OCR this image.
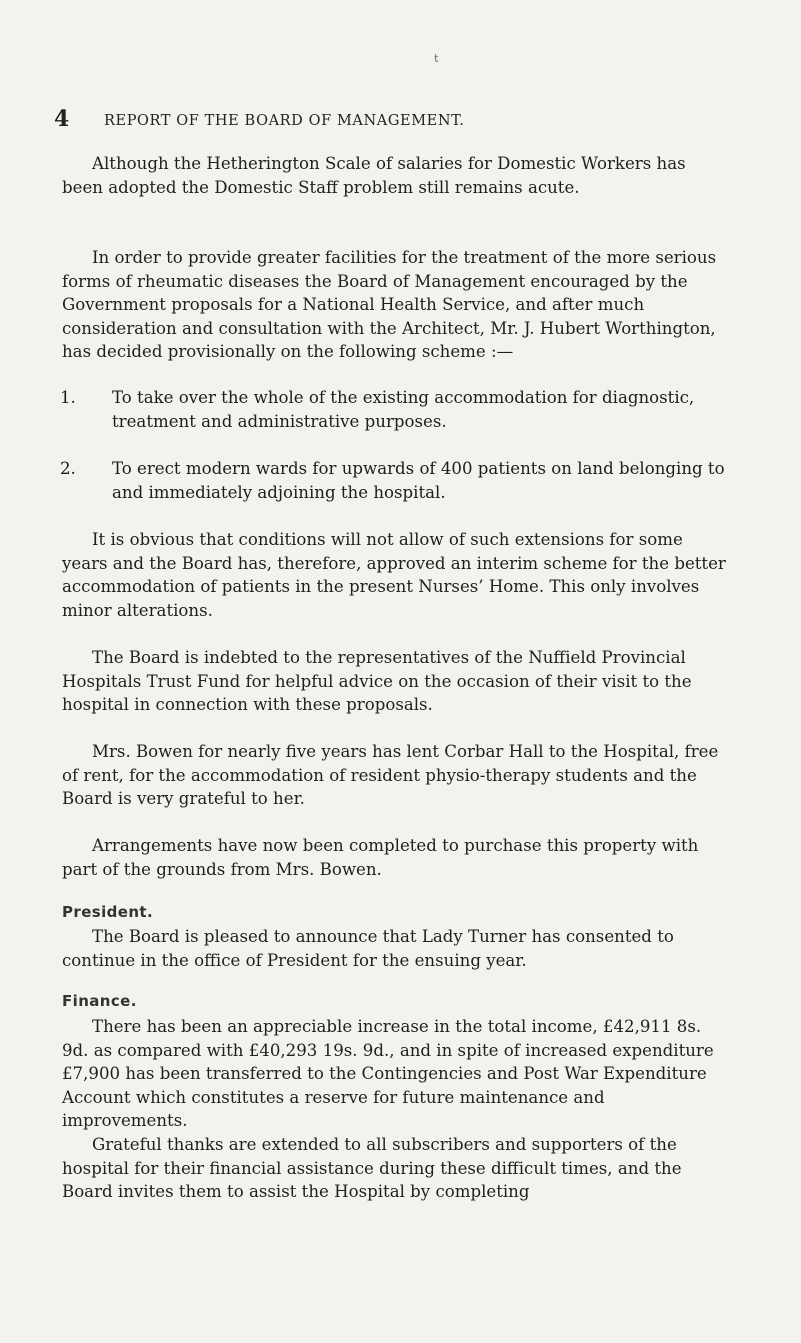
t
4 REPORT OF THE BOARD OF MANAGEMENT.

Although the Hetherington Scale of salaries for Domestic Workers has been adopted the Domestic Staff problem still remains acute.

In order to provide greater facilities for the treatment of the more serious forms of rheumatic diseases the Board of Management encouraged by the Government proposals for a National Health Service, and after much consideration and consultation with the Architect, Mr. J. Hubert Worthington, has decided provisionally on the following scheme :—

1. To take over the whole of the existing accommodation for diagnostic, treatment and administrative purposes.
2. To erect modern wards for upwards of 400 patients on land belonging to and immediately adjoining the hospital.

It is obvious that conditions will not allow of such extensions for some years and the Board has, therefore, approved an interim scheme for the better accommodation of patients in the present Nurses’ Home. This only involves minor alterations.

The Board is indebted to the representatives of the Nuffield Provincial Hospitals Trust Fund for helpful advice on the occasion of their visit to the hospital in connection with these proposals.

Mrs. Bowen for nearly five years has lent Corbar Hall to the Hospital, free of rent, for the accommodation of resident physio-therapy students and the Board is very grateful to her.

Arrangements have now been completed to purchase this property with part of the grounds from Mrs. Bowen.

President.

The Board is pleased to announce that Lady Turner has consented to continue in the office of President for the ensuing year.

Finance.

There has been an appreciable increase in the total income, £42,911 8s. 9d. as compared with £40,293 19s. 9d., and in spite of increased expenditure £7,900 has been transferred to the Contingencies and Post War Expenditure Account which constitutes a reserve for future maintenance and improvements.

Grateful thanks are extended to all subscribers and supporters of the hospital for their financial assistance during these difficult times, and the Board invites them to assist the Hospital by completing
